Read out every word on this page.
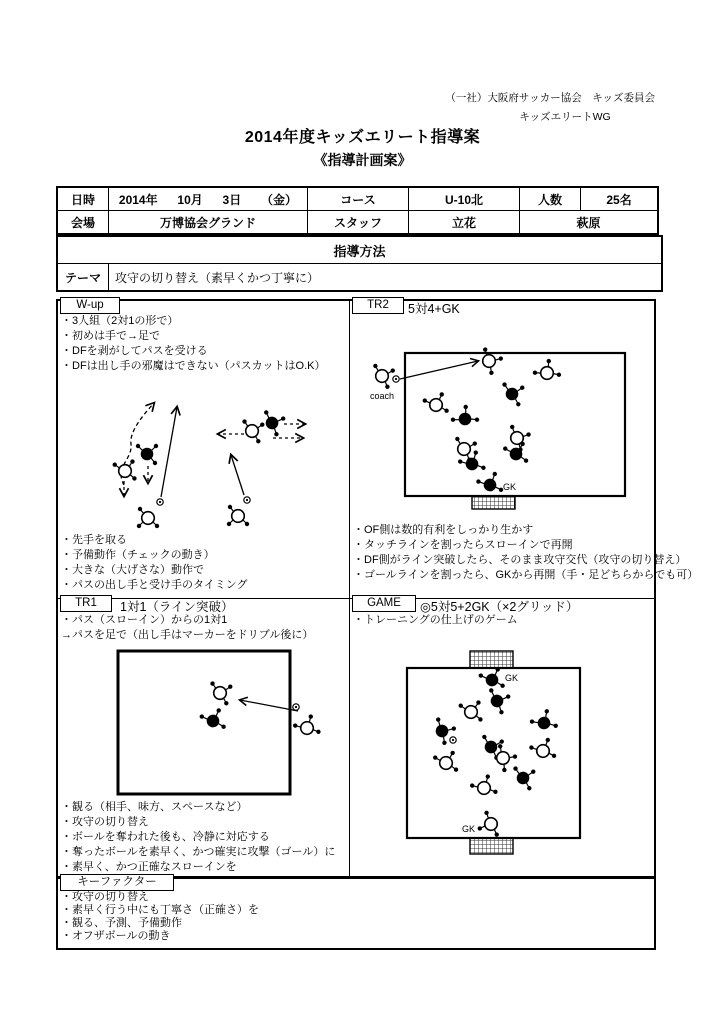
（一社）大阪府サッカー協会　キッズ委員会
キッズエリートWG
2014年度キッズエリート指導案
《指導計画案》
日時	2014年 10月 3日 （金）	コース	U-10北	人数	25名
会場	万博協会グランド	スタッフ	立花	萩原	
指導方法
テーマ	攻守の切り替え（素早くかつ丁寧に）
W-up
・3人組（2対1の形で）
・初めは手で→足で
・DFを剥がしてパスを受ける
・DFは出し手の邪魔はできない（パスカットはO.K）
・先手を取る
・予備動作（チェックの動き）
・大きな（大げさな）動作で
・パスの出し手と受け手のタイミング
TR2	5対4+GK
coach
GK
・OF側は数的有利をしっかり生かす
・タッチラインを割ったらスローインで再開
・DF側がライン突破したら、そのまま攻守交代（攻守の切り替え）
・ゴールラインを割ったら、GKから再開（手・足どちらからでも可）
TR1	1対1（ライン突破）
・パス（スローイン）からの1対1
→パスを足で（出し手はマーカーをドリブル後に）
・観る（相手、味方、スペースなど）
・攻守の切り替え
・ボールを奪われた後も、冷静に対応する
・奪ったボールを素早く、かつ確実に攻撃（ゴール）に
・素早く、かつ正確なスローインを
GAME	◎5対5+2GK（×2グリッド）
・トレーニングの仕上げのゲーム
GK
GK
キーファクター
・攻守の切り替え
・素早く行う中にも丁寧さ（正確さ）を
・観る、予測、予備動作
・オフザボールの動き
